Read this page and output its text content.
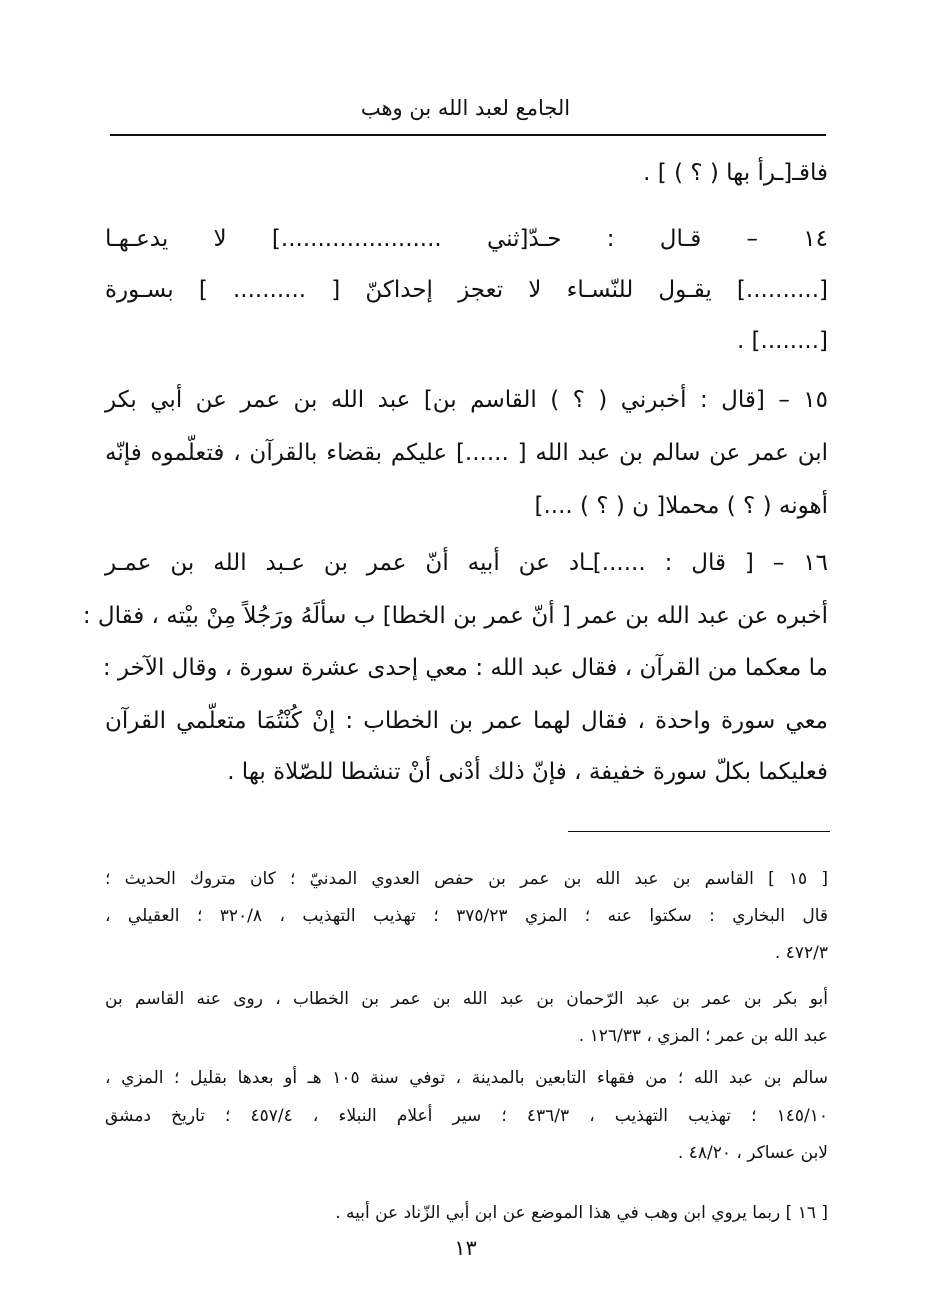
الجامع لعبد الله بن وهب
فاقـ[ـرأ بها ( ؟ ) ] .
١٤ – قـال : حـدّ[ثني ......................] لا يدعـهـا
[..........] يقـول للنّسـاء لا تعجز إحداكنّ [ .......... ] بسـورة
[........] .
١٥ – [قال : أخبرني ( ؟ ) القاسم بن] عبد الله بن عمر عن أبي بكر
ابن عمر عن سالم بن عبد الله [ ......] عليكم بقضاء بالقرآن ، فتعلّموه فإنّه
أهونه ( ؟ ) محملا[ ن ( ؟ ) ....]
١٦ – [ قال : ......]ـاد عن أبيه أنّ عمر بن عـبد الله بن عمـر
أخبره عن عبد الله بن عمر [ أنّ عمر بن الخطا] ب سألَهُ ورَجُلاً مِنْ بيْته ، فقال :
ما معكما من القرآن ، فقال عبد الله : معي إحدى عشرة سورة ، وقال الآخر :
معي سورة واحدة ، فقال لهما عمر بن الخطاب : إنْ كُنْتُمَا متعلّمي القرآن
فعليكما بكلّ سورة خفيفة ، فإنّ ذلك أدْنى أنْ تنشطا للصّلاة بها .
[ ١٥ ] القاسم بن عبد الله بن عمر بن حفص العدوي المدنيّ ؛ كان متروك الحديث ؛
قال البخاري : سكتوا عنه ؛ المزي ٣٧٥/٢٣ ؛ تهذيب التهذيب ، ٣٢٠/٨ ؛ العقيلي ،
٤٧٢/٣ .
أبو بكر بن عمر بن عبد الرّحمان بن عبد الله بن عمر بن الخطاب ، روى عنه القاسم بن
عبد الله بن عمر ؛ المزي ، ١٢٦/٣٣ .
سالم بن عبد الله ؛ من فقهاء التابعين بالمدينة ، توفي سنة ١٠٥ هـ أو بعدها بقليل ؛ المزي ،
١٤٥/١٠ ؛ تهذيب التهذيب ، ٤٣٦/٣ ؛ سير أعلام النبلاء ، ٤٥٧/٤ ؛ تاريخ دمشق
لابن عساكر ، ٤٨/٢٠ .
[ ١٦ ] ربما يروي ابن وهب في هذا الموضع عن ابن أبي الزّناد عن أبيه .
١٣
